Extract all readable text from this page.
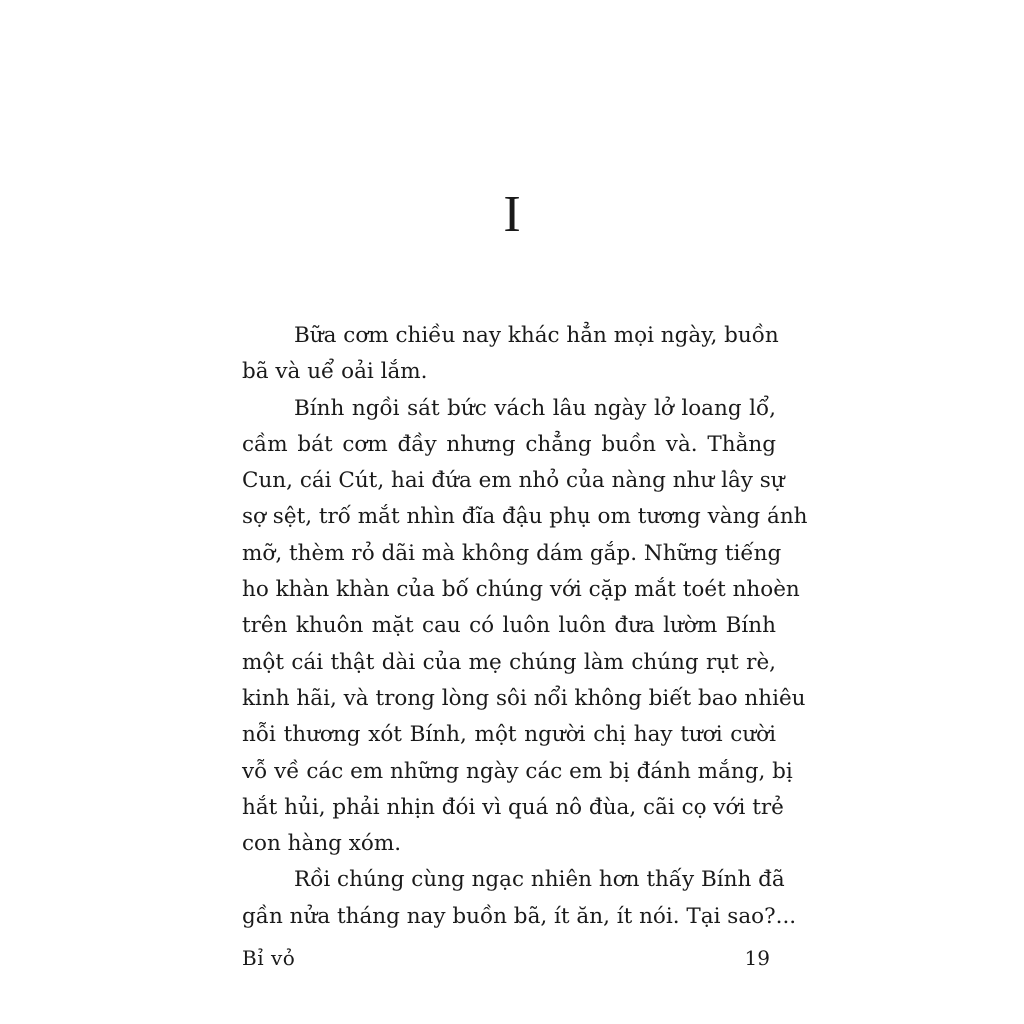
I
Bữa cơm chiều nay khác hẳn mọi ngày, buồn
bã và uể oải lắm.
Bính ngồi sát bức vách lâu ngày lở loang lổ,
cầm bát cơm đầy nhưng chẳng buồn và. Thằng
Cun, cái Cút, hai đứa em nhỏ của nàng như lây sự
sợ sệt, trố mắt nhìn đĩa đậu phụ om tương vàng ánh
mỡ, thèm rỏ dãi mà không dám gắp. Những tiếng
ho khàn khàn của bố chúng với cặp mắt toét nhoèn
trên khuôn mặt cau có luôn luôn đưa lườm Bính
một cái thật dài của mẹ chúng làm chúng rụt rè,
kinh hãi, và trong lòng sôi nổi không biết bao nhiêu
nỗi thương xót Bính, một người chị hay tươi cười
vỗ về các em những ngày các em bị đánh mắng, bị
hắt hủi, phải nhịn đói vì quá nô đùa, cãi cọ với trẻ
con hàng xóm.
Rồi chúng cùng ngạc nhiên hơn thấy Bính đã
gần nửa tháng nay buồn bã, ít ăn, ít nói. Tại sao?...
Bỉ vỏ	19
